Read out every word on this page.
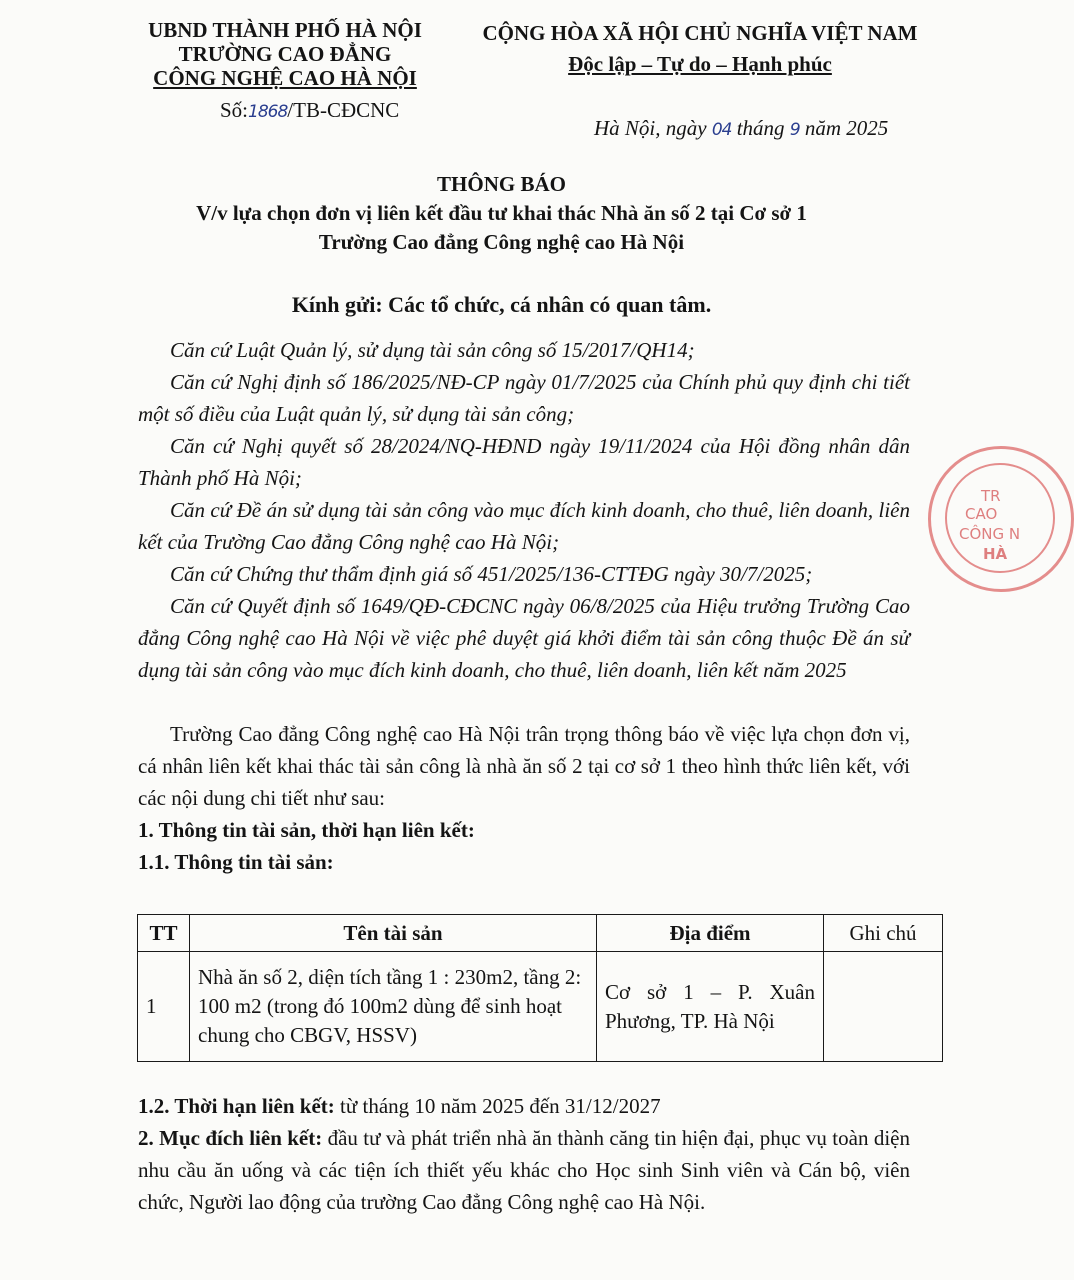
UBND THÀNH PHỐ HÀ NỘI
TRƯỜNG CAO ĐẲNG
CÔNG NGHỆ CAO HÀ NỘI
Số:1868/TB-CĐCNC
CỘNG HÒA XÃ HỘI CHỦ NGHĨA VIỆT NAM
Độc lập – Tự do – Hạnh phúc
Hà Nội, ngày 04 tháng 9 năm 2025
THÔNG BÁO
V/v lựa chọn đơn vị liên kết đầu tư khai thác Nhà ăn số 2 tại Cơ sở 1
Trường Cao đẳng Công nghệ cao Hà Nội
Kính gửi: Các tổ chức, cá nhân có quan tâm.
Căn cứ Luật Quản lý, sử dụng tài sản công số 15/2017/QH14;
Căn cứ Nghị định số 186/2025/NĐ-CP ngày 01/7/2025 của Chính phủ quy định chi tiết một số điều của Luật quản lý, sử dụng tài sản công;
Căn cứ Nghị quyết số 28/2024/NQ-HĐND ngày 19/11/2024 của Hội đồng nhân dân Thành phố Hà Nội;
Căn cứ Đề án sử dụng tài sản công vào mục đích kinh doanh, cho thuê, liên doanh, liên kết của Trường Cao đẳng Công nghệ cao Hà Nội;
Căn cứ Chứng thư thẩm định giá số 451/2025/136-CTTĐG ngày 30/7/2025;
Căn cứ Quyết định số 1649/QĐ-CĐCNC ngày 06/8/2025 của Hiệu trưởng Trường Cao đẳng Công nghệ cao Hà Nội về việc phê duyệt giá khởi điểm tài sản công thuộc Đề án sử dụng tài sản công vào mục đích kinh doanh, cho thuê, liên doanh, liên kết năm 2025
Trường Cao đẳng Công nghệ cao Hà Nội trân trọng thông báo về việc lựa chọn đơn vị, cá nhân liên kết khai thác tài sản công là nhà ăn số 2 tại cơ sở 1 theo hình thức liên kết, với các nội dung chi tiết như sau:
1. Thông tin tài sản, thời hạn liên kết:
1.1. Thông tin tài sản:
TT	Tên tài sản	Địa điểm	Ghi chú
1	Nhà ăn số 2, diện tích tầng 1 : 230m2, tầng 2: 100 m2 (trong đó 100m2 dùng để sinh hoạt chung cho CBGV, HSSV)	Cơ sở 1 – P. Xuân Phương, TP. Hà Nội	
1.2. Thời hạn liên kết: từ tháng 10 năm 2025 đến 31/12/2027
2. Mục đích liên kết: đầu tư và phát triển nhà ăn thành căng tin hiện đại, phục vụ toàn diện nhu cầu ăn uống và các tiện ích thiết yếu khác cho Học sinh Sinh viên và Cán bộ, viên chức, Người lao động của trường Cao đẳng Công nghệ cao Hà Nội.
TR
CAO
CÔNG N
HÀ
